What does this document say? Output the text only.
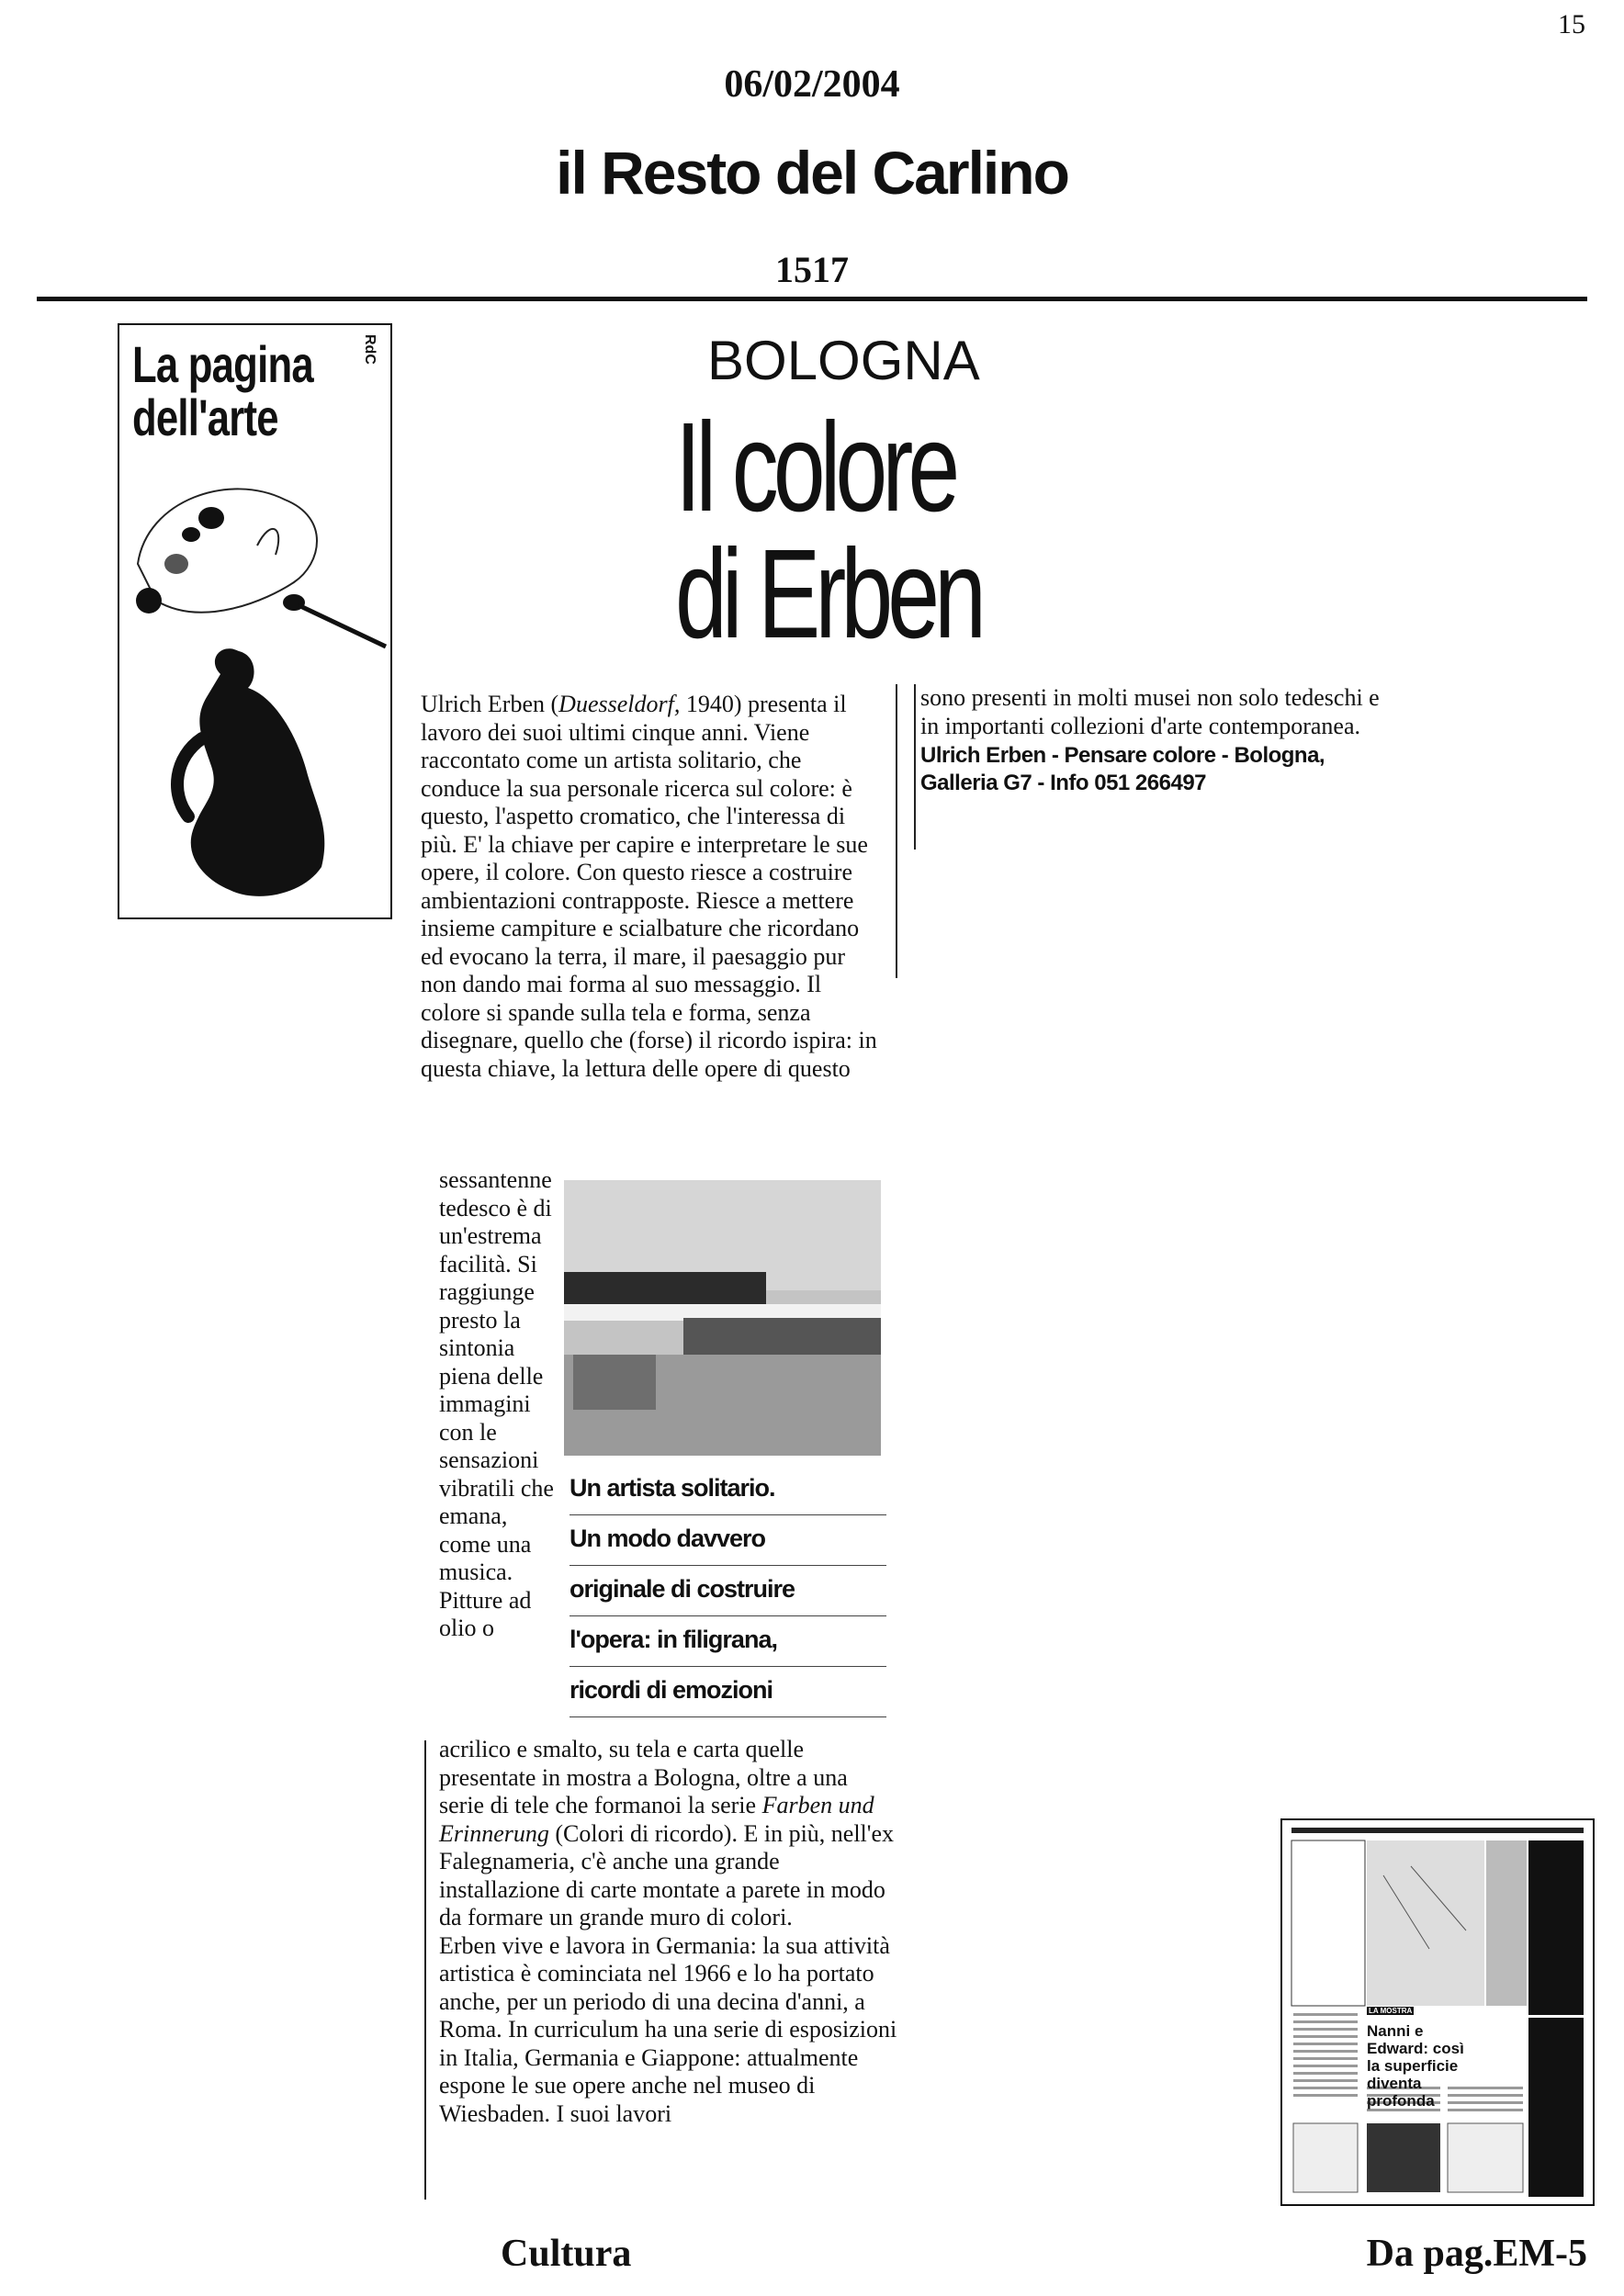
15
06/02/2004
il Resto del Carlino
1517
La pagina
dell'arte
RdC	BOLOGNA
Il colore
di Erben

Ulrich Erben (Duesseldorf, 1940) presenta il lavoro dei suoi ultimi cinque anni. Viene raccontato come un artista solitario, che conduce la sua personale ricerca sul colore: è questo, l'aspetto cromatico, che l'interessa di più. E' la chiave per capire e interpretare le sue opere, il colore. Con questo riesce a costruire ambientazioni contrapposte. Riesce a mettere insieme campiture e scialbature che ricordano ed evocano la terra, il mare, il paesaggio pur non dando mai forma al suo messaggio. Il colore si spande sulla tela e forma, senza disegnare, quello che (forse) il ricordo ispira: in questa chiave, la lettura delle opere di questo

sessantenne tedesco è di un'estrema facilità. Si raggiunge presto la sintonia piena delle immagini con le sensazioni vibratili che emana, come una musica. Pitture ad olio o

Un artista solitario.
Un modo davvero
originale di costruire
l'opera: in filigrana,
ricordi di emozioni

acrilico e smalto, su tela e carta quelle presentate in mostra a Bologna, oltre a una serie di tele che formanoi la serie Farben und Erinnerung (Colori di ricordo). E in più, nell'ex Falegnameria, c'è anche una grande installazione di carte montate a parete in modo da formare un grande muro di colori.

Erben vive e lavora in Germania: la sua attività artistica è cominciata nel 1966 e lo ha portato anche, per un periodo di una decina d'anni, a Roma. In curriculum ha una serie di esposizioni in Italia, Germania e Giappone: attualmente espone le sue opere anche nel museo di Wiesbaden. I suoi lavori

sono presenti in molti musei non solo tedeschi e in importanti collezioni d'arte contemporanea.

Ulrich Erben - Pensare colore - Bologna,
Galleria G7 - Info 051 266497
LA MOSTRA
Nanni e Edward: così la superficie diventa profonda
Cultura	Da pag.EM-5
